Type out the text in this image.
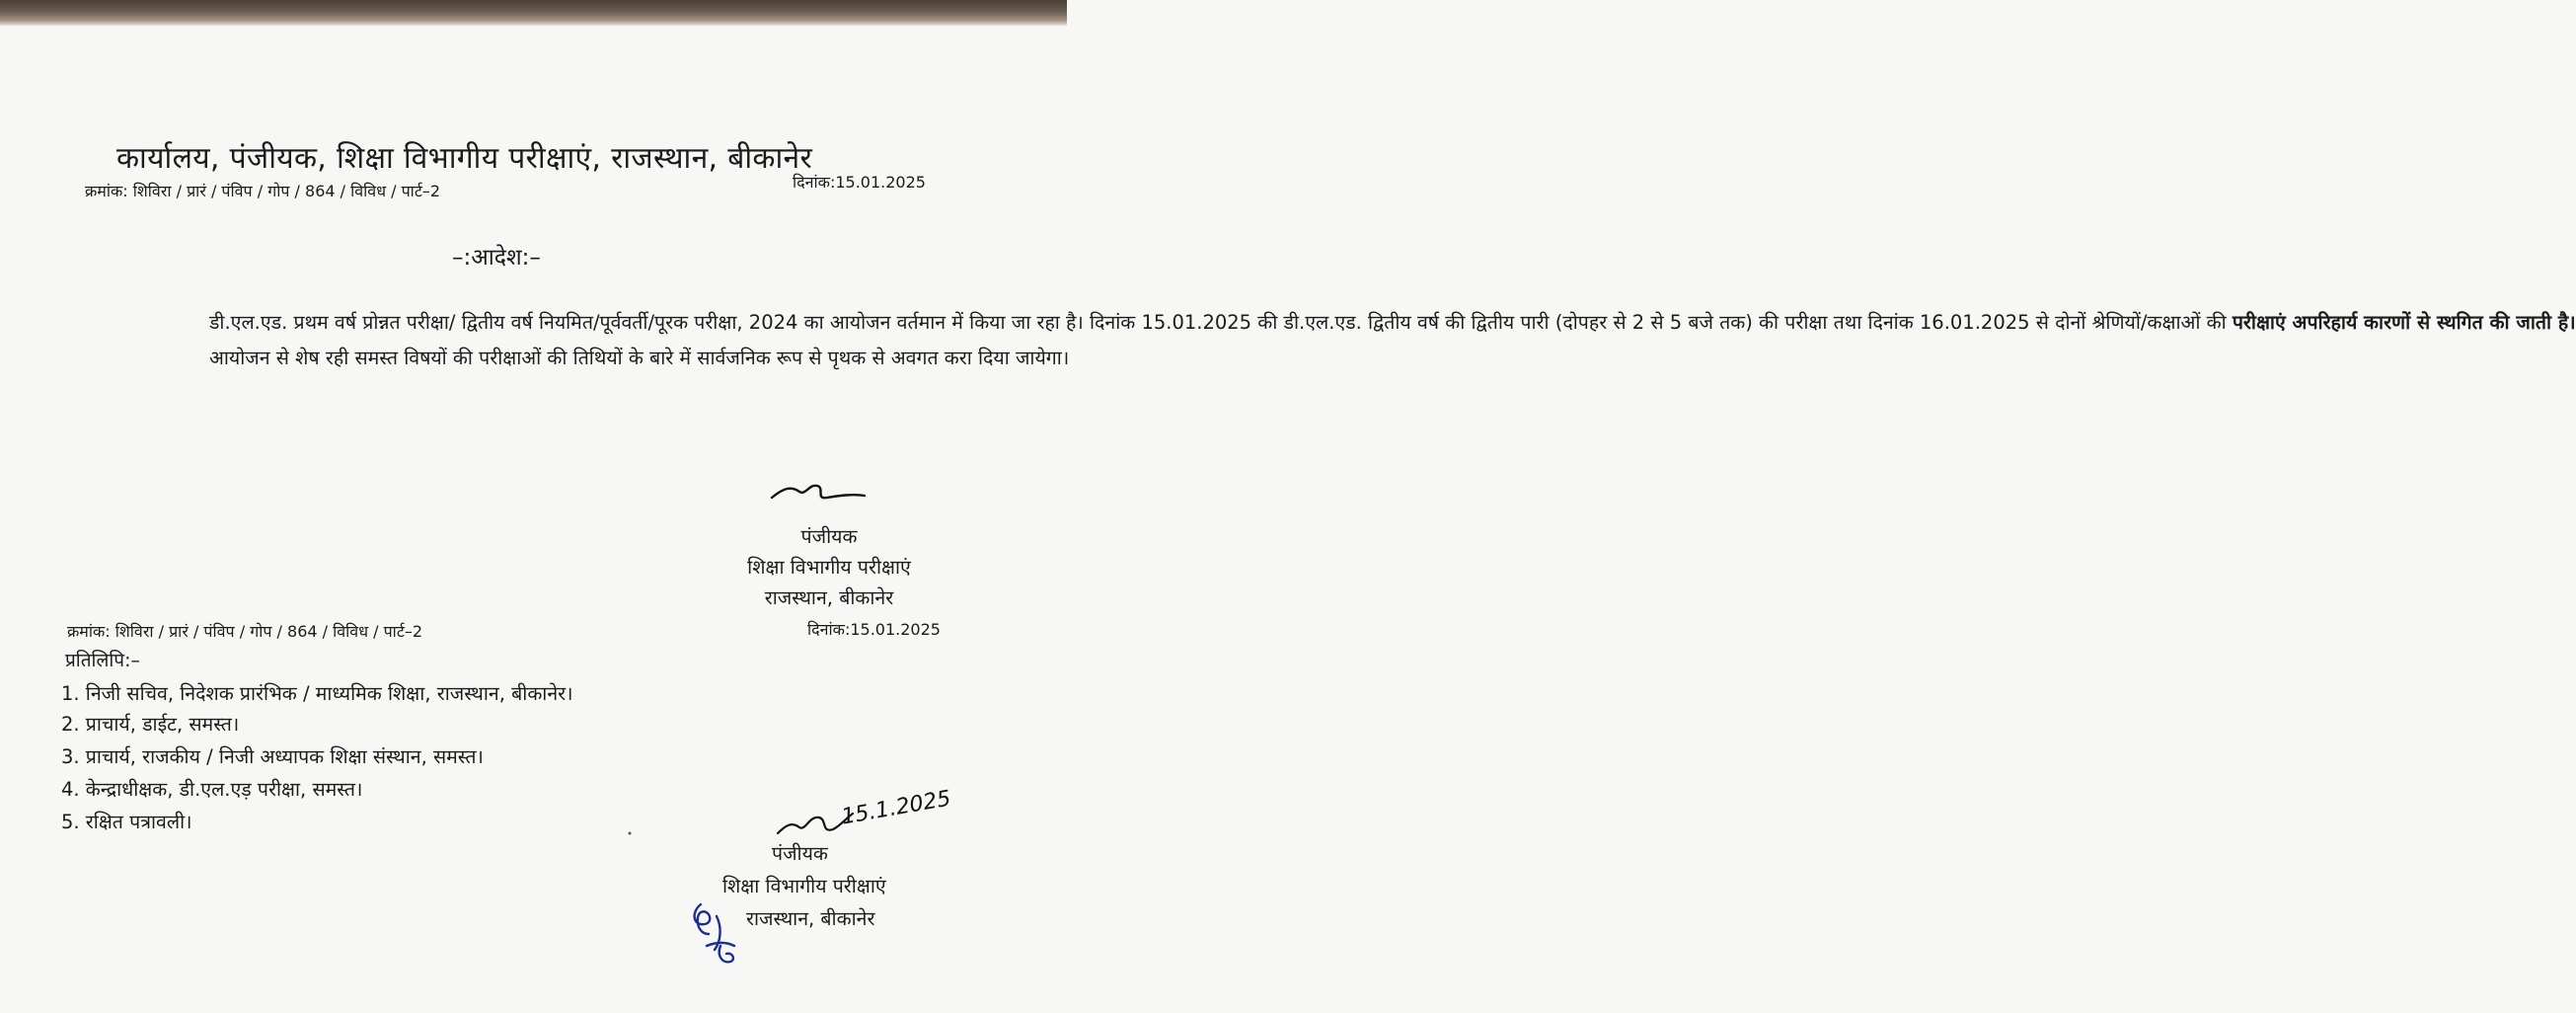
कार्यालय, पंजीयक, शिक्षा विभागीय परीक्षाएं, राजस्थान, बीकानेर
क्रमांक: शिविरा / प्रारं / पंविप / गोप / 864 / विविध / पार्ट–2	दिनांक:15.01.2025
–:आदेश:–

डी.एल.एड. प्रथम वर्ष प्रोन्नत परीक्षा/ द्वितीय वर्ष नियमित/पूर्ववर्ती/पूरक परीक्षा, 2024 का आयोजन वर्तमान में किया जा रहा है। दिनांक 15.01.2025 की डी.एल.एड. द्वितीय वर्ष की द्वितीय पारी (दोपहर से 2 से 5 बजे तक) की परीक्षा तथा दिनांक 16.01.2025 से दोनों श्रेणियों/कक्षाओं की परीक्षाएं अपरिहार्य कारणों से स्थगित की जाती है।

आयोजन से शेष रही समस्त विषयों की परीक्षाओं की तिथियों के बारे में सार्वजनिक रूप से पृथक से अवगत करा दिया जायेगा।

पंजीयक
शिक्षा विभागीय परीक्षाएं
राजस्थान, बीकानेर
क्रमांक: शिविरा / प्रारं / पंविप / गोप / 864 / विविध / पार्ट–2	दिनांक:15.01.2025
प्रतिलिपि:–
1. निजी सचिव, निदेशक प्रारंभिक / माध्यमिक शिक्षा, राजस्थान, बीकानेर।
2. प्राचार्य, डाईट, समस्त।
3. प्राचार्य, राजकीय / निजी अध्यापक शिक्षा संस्थान, समस्त।
4. केन्द्राधीक्षक, डी.एल.एड़ परीक्षा, समस्त।
5. रक्षित पत्रावली।	15.1.2025
पंजीयक
शिक्षा विभागीय परीक्षाएं
राजस्थान, बीकानेर
